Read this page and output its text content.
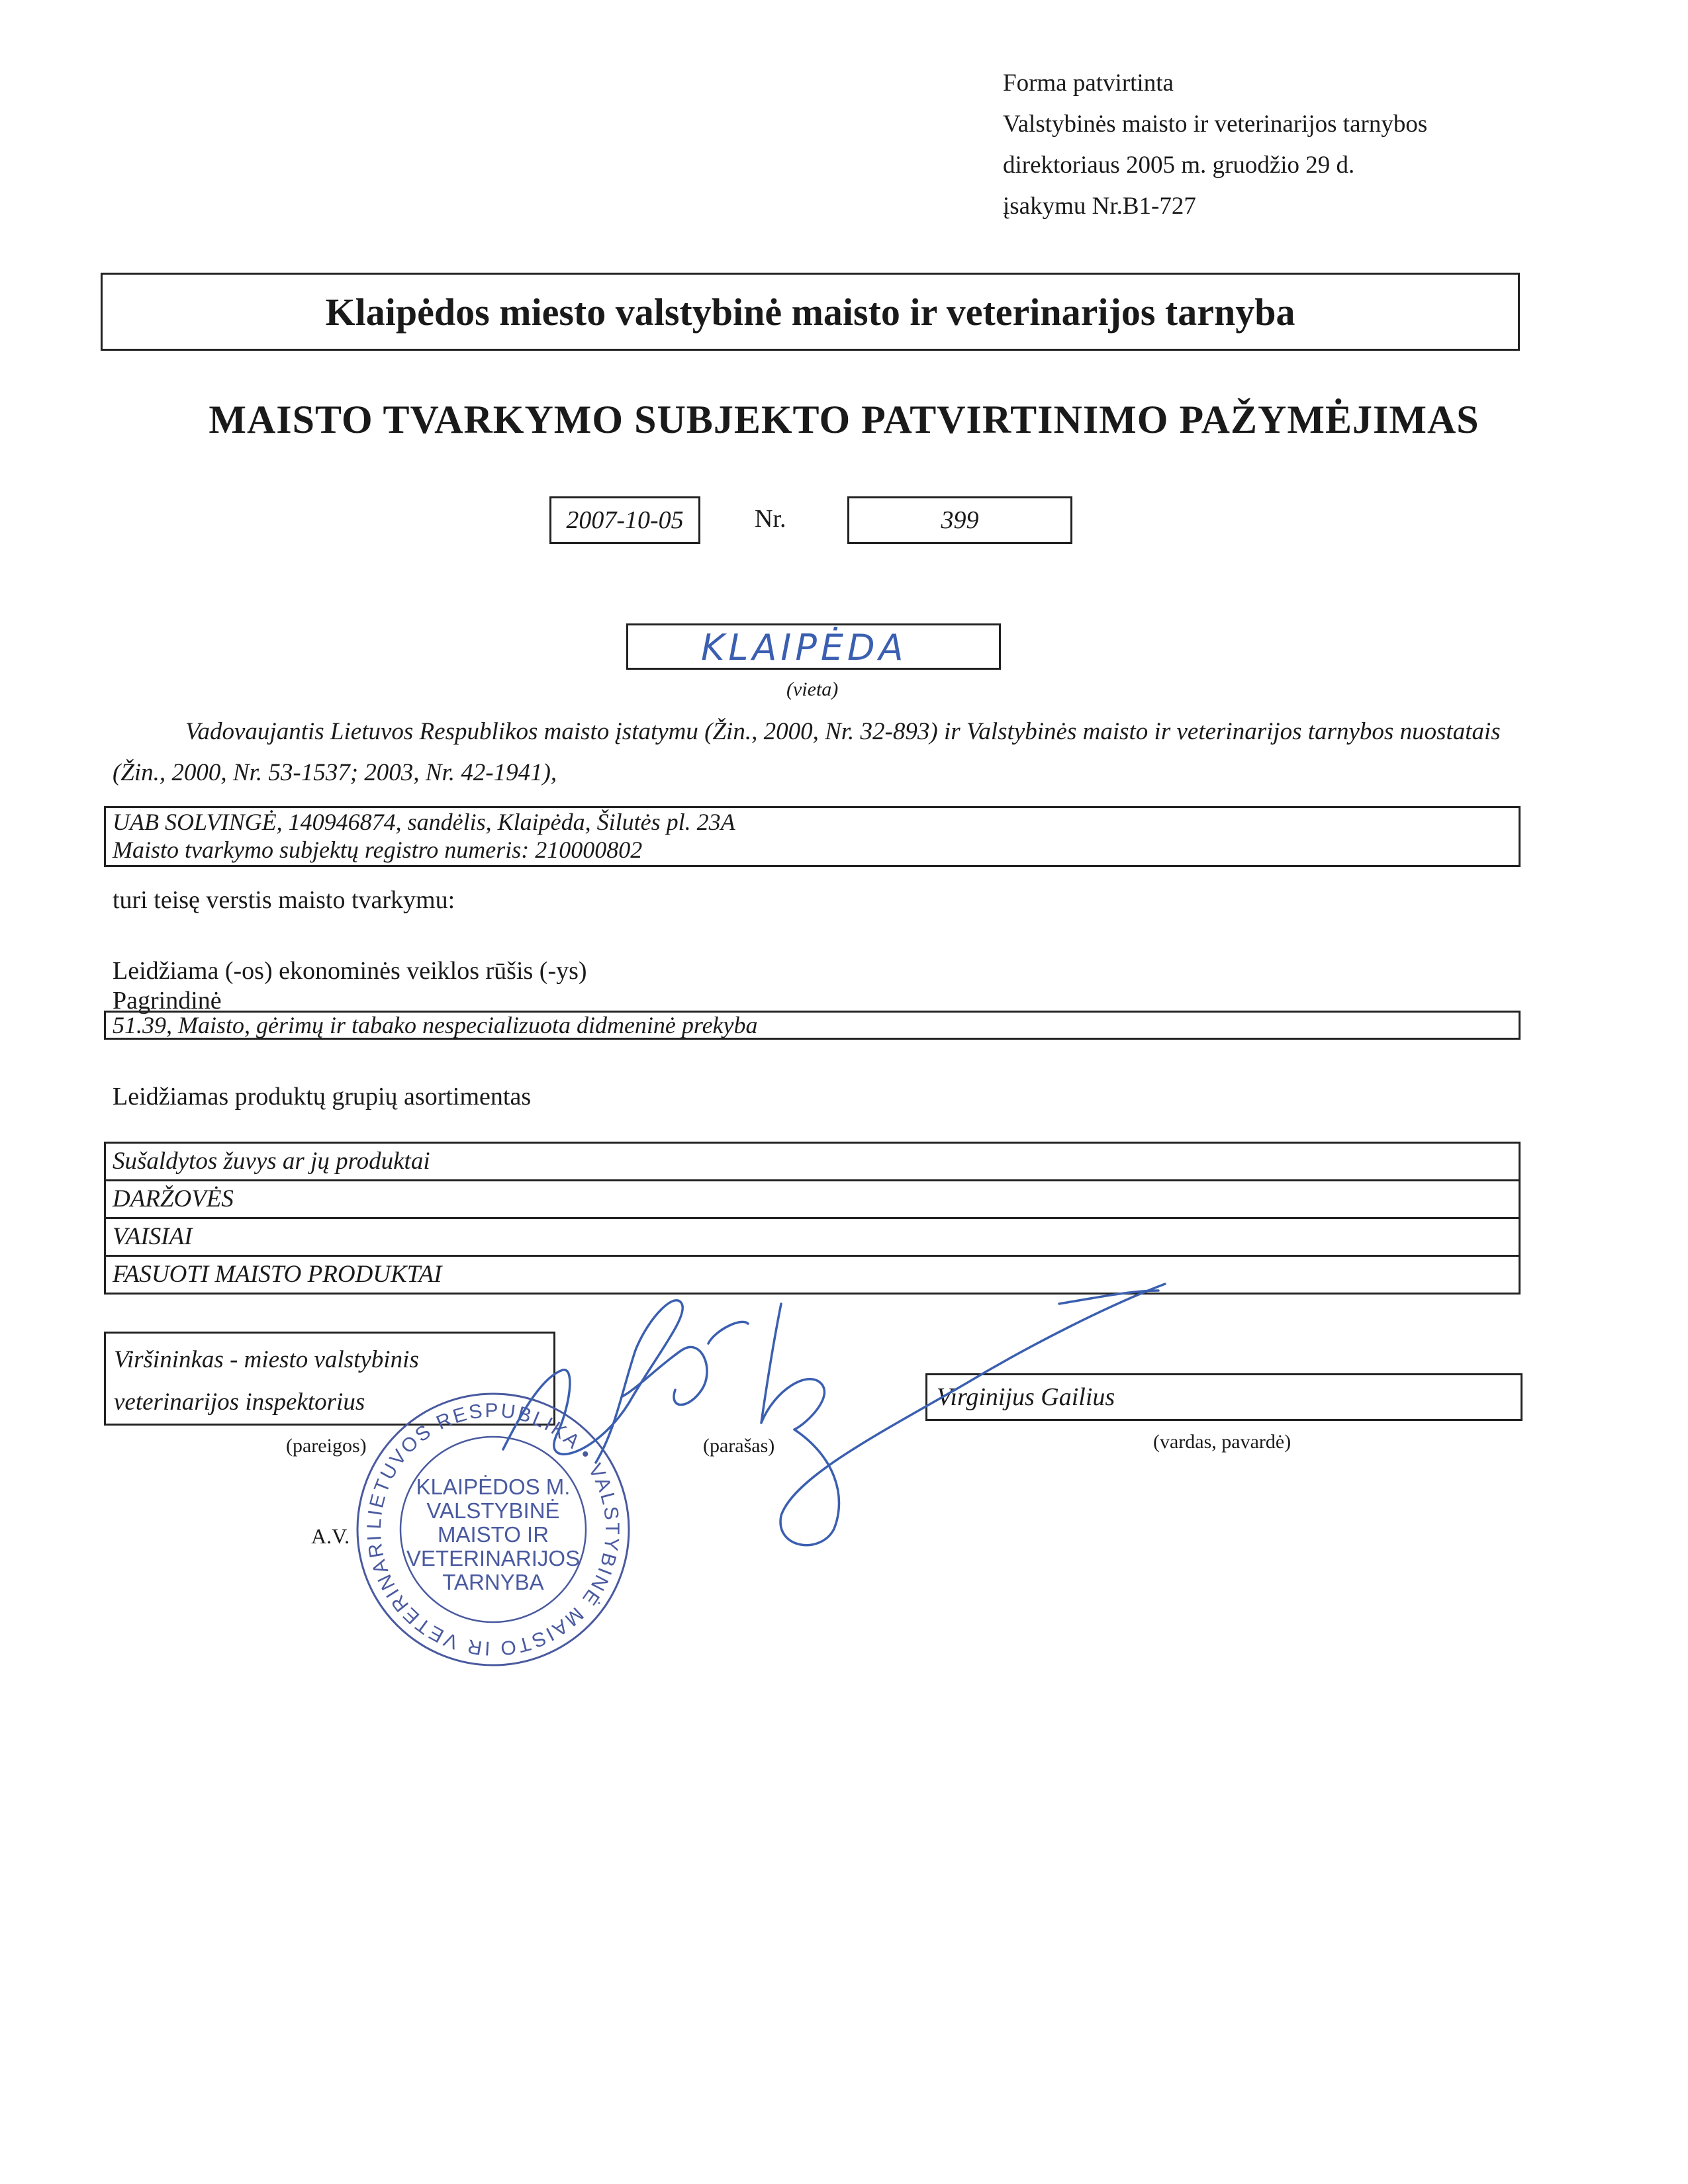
Forma patvirtinta
Valstybinės maisto ir veterinarijos tarnybos
direktoriaus 2005 m. gruodžio 29 d.
įsakymu Nr.B1-727
Klaipėdos miesto valstybinė maisto ir veterinarijos tarnyba
MAISTO TVARKYMO SUBJEKTO PATVIRTINIMO PAŽYMĖJIMAS
2007-10-05	Nr.	399
KLAIPĖDA
(vieta)
Vadovaujantis Lietuvos Respublikos maisto įstatymu (Žin., 2000, Nr. 32-893) ir Valstybinės maisto ir veterinarijos tarnybos nuostatais (Žin., 2000, Nr. 53-1537; 2003, Nr. 42-1941),
UAB SOLVINGĖ, 140946874, sandėlis, Klaipėda, Šilutės pl. 23A
Maisto tvarkymo subjektų registro numeris: 210000802
turi teisę verstis maisto tvarkymu:
Leidžiama (-os) ekonominės veiklos rūšis (-ys)
Pagrindinė
51.39, Maisto, gėrimų ir tabako nespecializuota didmeninė prekyba
Leidžiamas produktų grupių asortimentas
Sušaldytos žuvys ar jų produktai
DARŽOVĖS
VAISIAI
FASUOTI MAISTO PRODUKTAI
Viršininkas - miesto valstybinis
veterinarijos inspektorius
(pareigos)	(parašas)
Virginijus Gailius
(vardas, pavardė)
A.V.
LIETUVOS RESPUBLIKA • VALSTYBINĖ MAISTO IR VETERINARI
KLAIPĖDOS M.
VALSTYBINĖ
MAISTO IR
VETERINARIJOS
TARNYBA
